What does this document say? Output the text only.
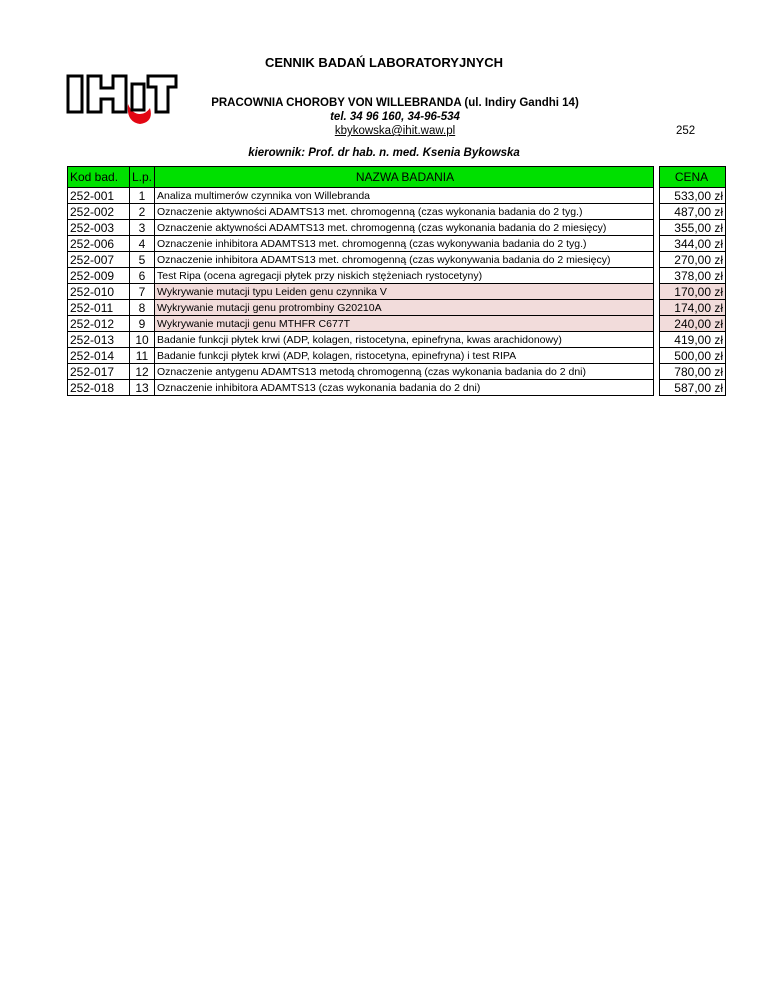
CENNIK BADAŃ LABORATORYJNYCH
PRACOWNIA CHOROBY VON WILLEBRANDA (ul. Indiry Gandhi 14)
tel. 34 96 160, 34-96-534
kbykowska@ihit.waw.pl	252
kierownik: Prof. dr hab. n. med. Ksenia Bykowska
Kod bad.	L.p.	NAZWA BADANIA		CENA
252-001	1	Analiza multimerów czynnika von Willebranda		533,00 zł
252-002	2	Oznaczenie aktywności ADAMTS13 met. chromogenną (czas wykonania badania do 2 tyg.)		487,00 zł
252-003	3	Oznaczenie aktywności ADAMTS13 met. chromogenną (czas wykonania badania do 2 miesięcy)		355,00 zł
252-006	4	Oznaczenie inhibitora ADAMTS13 met. chromogenną (czas wykonywania badania do 2 tyg.)		344,00 zł
252-007	5	Oznaczenie inhibitora ADAMTS13 met. chromogenną (czas wykonywania badania do 2 miesięcy)		270,00 zł
252-009	6	Test Ripa (ocena agregacji płytek przy niskich stężeniach rystocetyny)		378,00 zł
252-010	7	Wykrywanie mutacji typu Leiden genu czynnika V		170,00 zł
252-011	8	Wykrywanie mutacji genu protrombiny G20210A		174,00 zł
252-012	9	Wykrywanie mutacji genu MTHFR C677T		240,00 zł
252-013	10	Badanie funkcji płytek krwi (ADP, kolagen, ristocetyna, epinefryna, kwas arachidonowy)		419,00 zł
252-014	11	Badanie funkcji płytek krwi (ADP, kolagen, ristocetyna, epinefryna) i test RIPA		500,00 zł
252-017	12	Oznaczenie antygenu ADAMTS13 metodą chromogenną (czas wykonania badania do 2 dni)		780,00 zł
252-018	13	Oznaczenie inhibitora ADAMTS13 (czas wykonania badania do 2 dni)		587,00 zł
